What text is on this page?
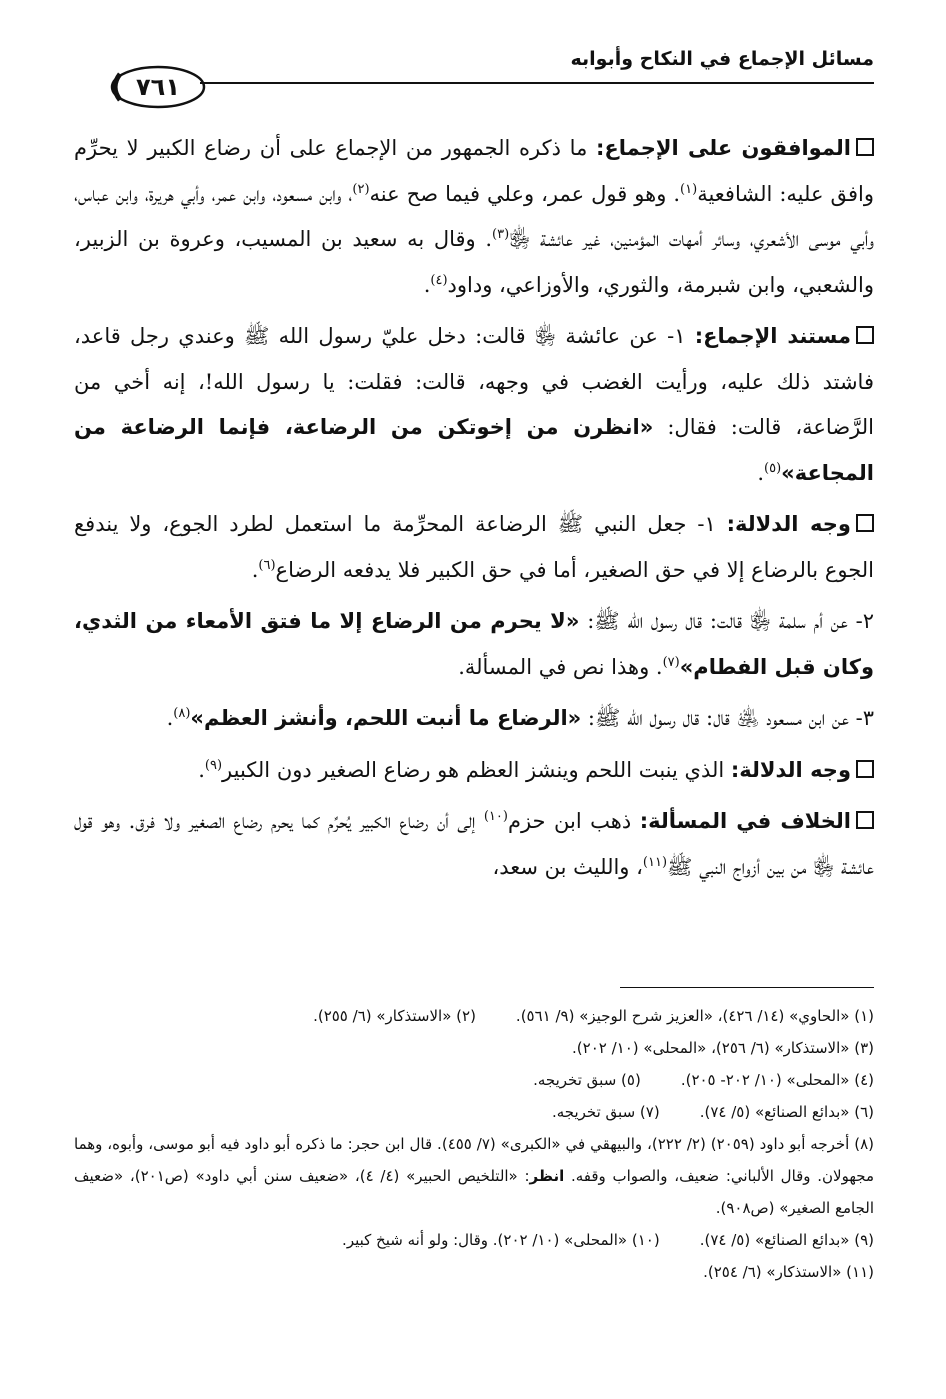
مسائل الإجماع في النكاح وأبوابه
٧٦١

الموافقون على الإجماع: ما ذكره الجمهور من الإجماع على أن رضاع الكبير لا يحرِّم وافق عليه: الشافعية$^{(١)}$. وهو قول عمر، وعلي فيما صح عنه$^{(٢)}$، وابن مسعود، وابن عمر، وأبي هريرة، وابن عباس، وأبي موسى الأشعري، وسائر أمهات المؤمنين، غير عائشة ﵂$^{(٣)}$. وقال به سعيد بن المسيب، وعروة بن الزبير، والشعبي، وابن شبرمة، والثوري، والأوزاعي، وداود$^{(٤)}$.

مستند الإجماع: ١- عن عائشة ﵂ قالت: دخل عليّ رسول الله ﷺ وعندي رجل قاعد، فاشتد ذلك عليه، ورأيت الغضب في وجهه، قالت: فقلت: يا رسول الله!، إنه أخي من الرَّضاعة، قالت: فقال: «انظرن من إخوتكن من الرضاعة، فإنما الرضاعة من المجاعة»$^{(٥)}$.

وجه الدلالة: ١- جعل النبي ﷺ الرضاعة المحرِّمة ما استعمل لطرد الجوع، ولا يندفع الجوع بالرضاع إلا في حق الصغير، أما في حق الكبير فلا يدفعه الرضاع$^{(٦)}$.

٢- عن أم سلمة ﵂ قالت: قال رسول الله ﷺ: «لا يحرم من الرضاع إلا ما فتق الأمعاء من الثدي، وكان قبل الفطام»$^{(٧)}$. وهذا نص في المسألة.

٣- عن ابن مسعود ﵁ قال: قال رسول الله ﷺ: «الرضاع ما أنبت اللحم، وأنشز العظم»$^{(٨)}$.

وجه الدلالة: الذي ينبت اللحم وينشز العظم هو رضاع الصغير دون الكبير$^{(٩)}$.

الخلاف في المسألة: ذهب ابن حزم$^{(١٠)}$ إلى أن رضاع الكبير يُحرِّم كما يحرم رضاع الصغير ولا فرق. وهو قول عائشة ﵂ من بين أزواج النبي ﷺ$^{(١١)}$، والليث بن سعد،

(١) «الحاوي» (١٤/ ٤٢٦)، «العزيز شرح الوجيز» (٩/ ٥٦١).
(٢) «الاستذكار» (٦/ ٢٥٥).
(٣) «الاستذكار» (٦/ ٢٥٦)، «المحلى» (١٠/ ٢٠٢).
(٤) «المحلى» (١٠/ ٢٠٢- ٢٠٥).
(٥) سبق تخريجه.
(٦) «بدائع الصنائع» (٥/ ٧٤).
(٧) سبق تخريجه.
(٨) أخرجه أبو داود (٢٠٥٩) (٢/ ٢٢٢)، والبيهقي في «الكبرى» (٧/ ٤٥٥). قال ابن حجر: ما ذكره أبو داود فيه أبو موسى، وأبوه، وهما مجهولان. وقال الألباني: ضعيف، والصواب وقفه. انظر: «التلخيص الحبير» (٤/ ٤)، «ضعيف سنن أبي داود» (ص٢٠١)، «ضعيف الجامع الصغير» (ص٩٠٨).
(٩) «بدائع الصنائع» (٥/ ٧٤).
(١٠) «المحلى» (١٠/ ٢٠٢). وقال: ولو أنه شيخ كبير.
(١١) «الاستذكار» (٦/ ٢٥٤).
